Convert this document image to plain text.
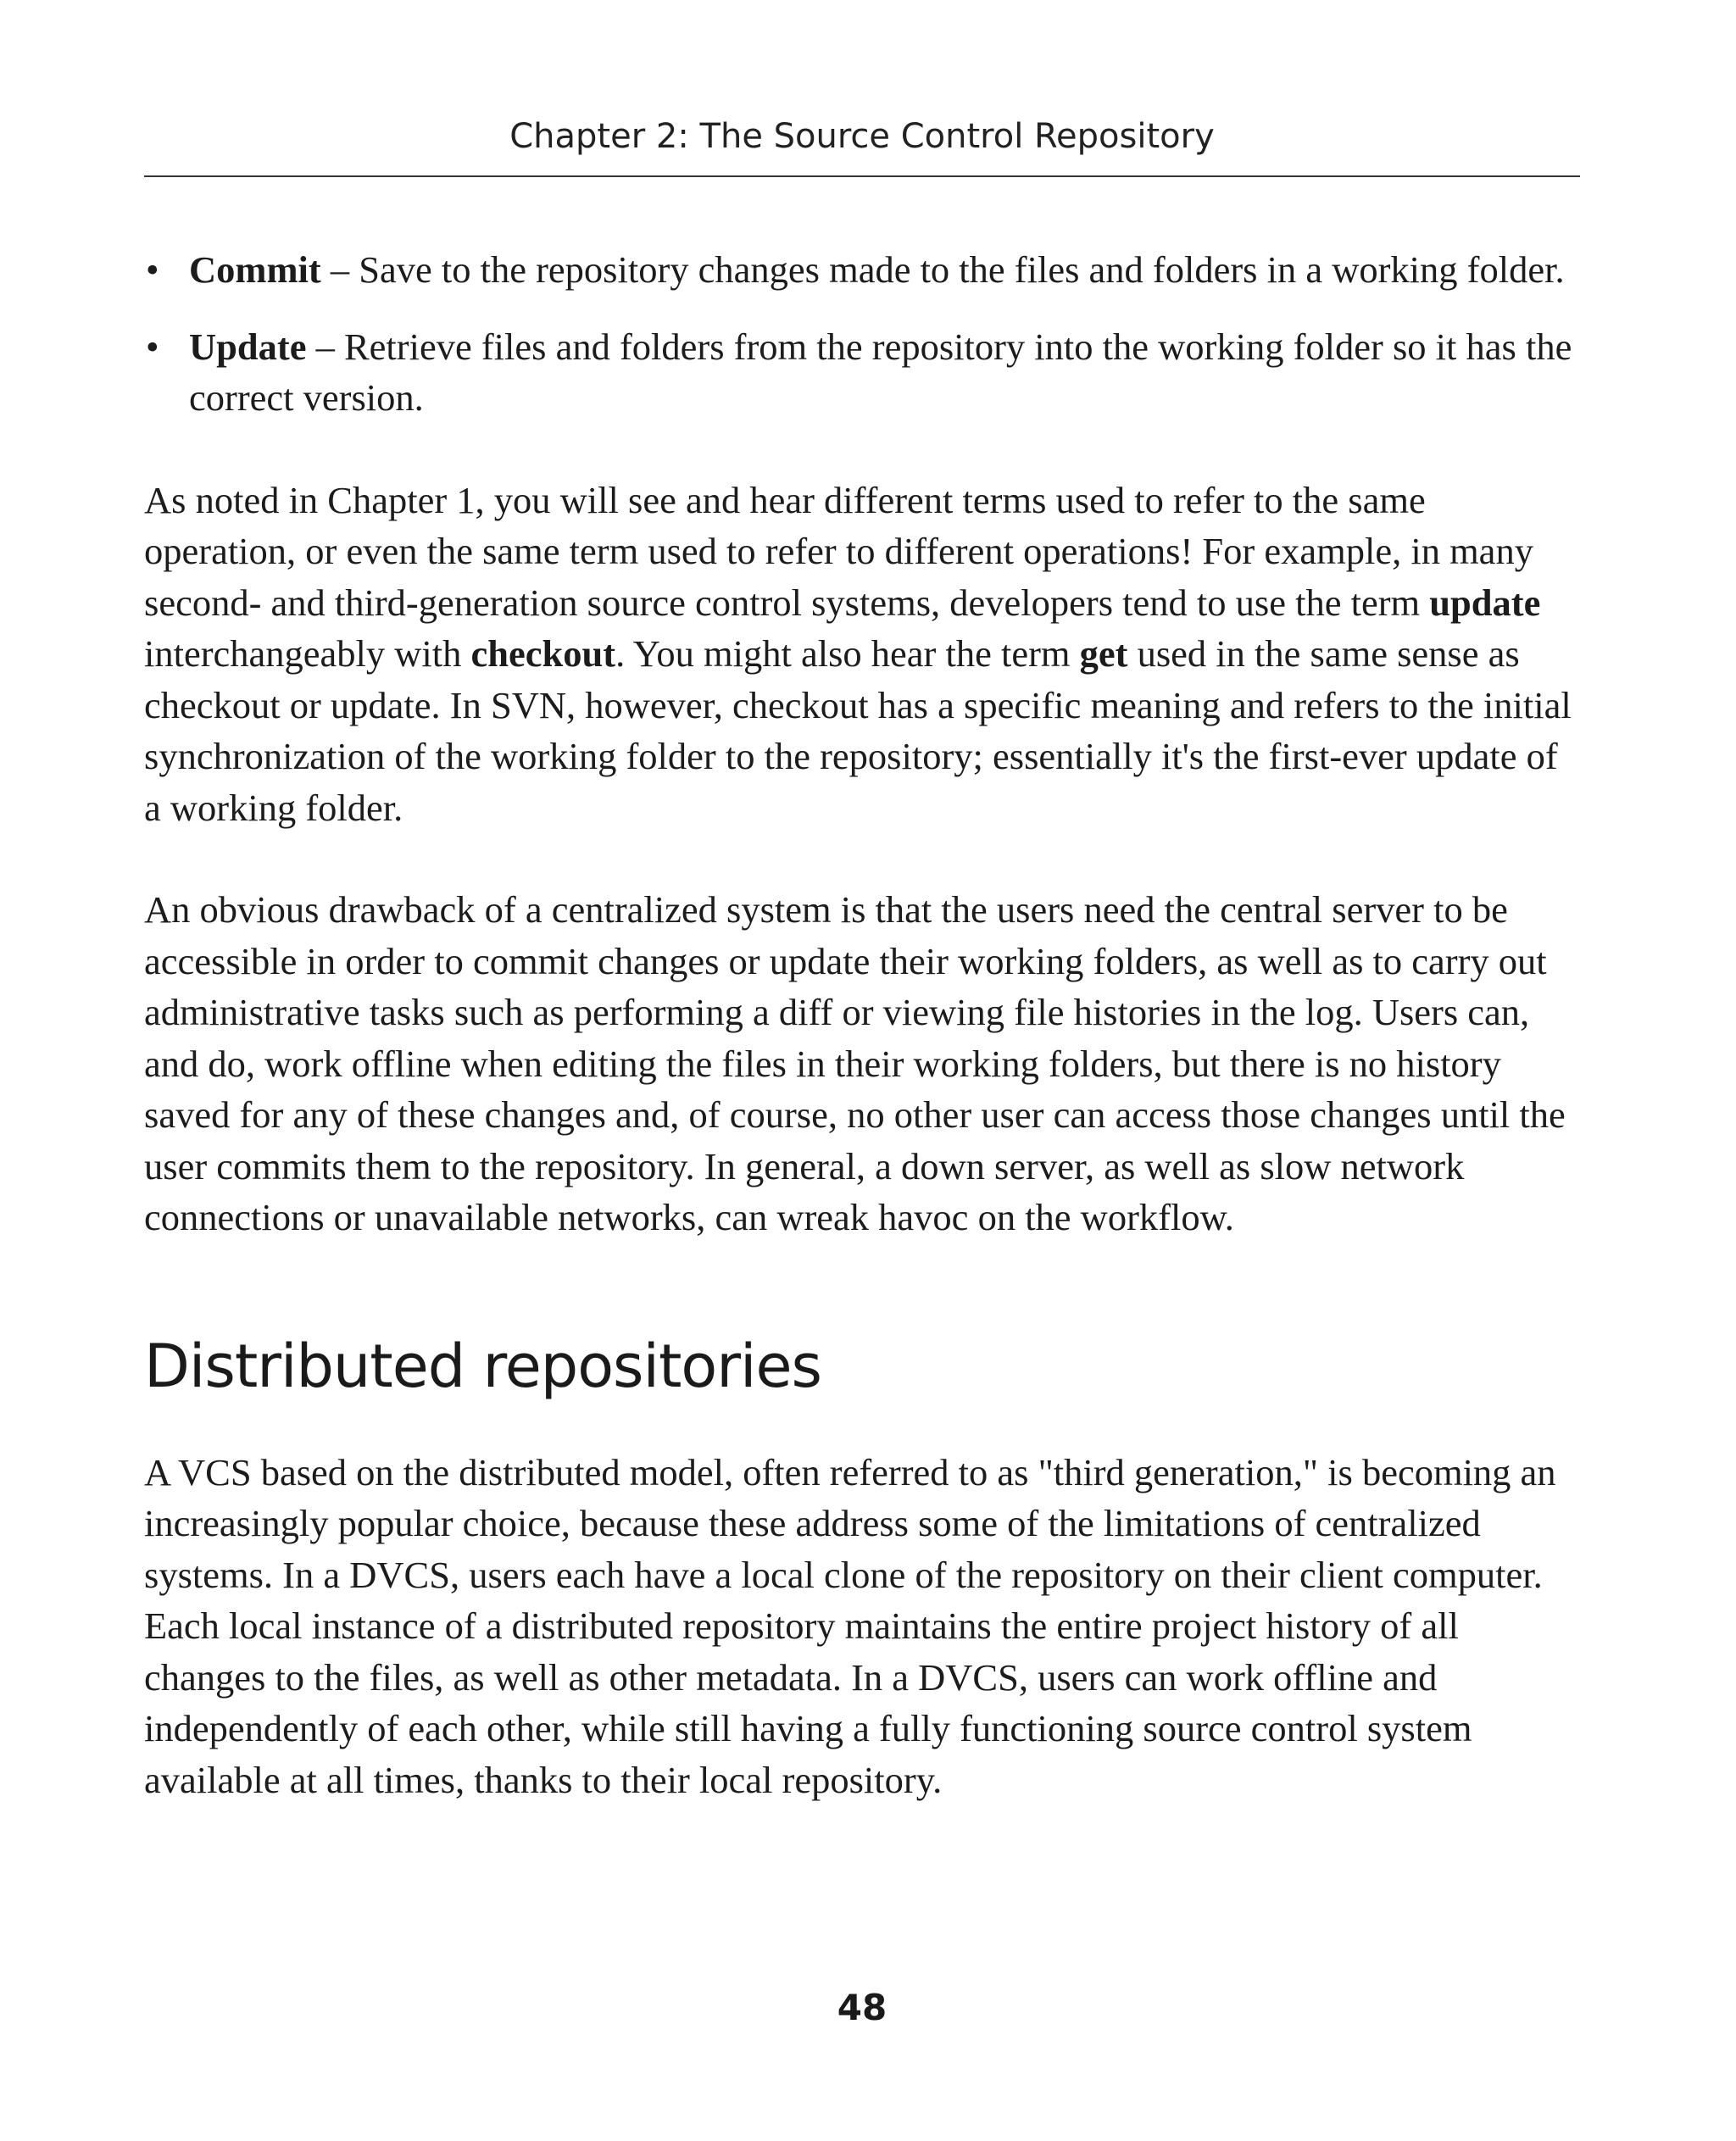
Chapter 2: The Source Control Repository
• Commit – Save to the repository changes made to the files and folders in a working folder.
• Update – Retrieve files and folders from the repository into the working folder so it has the correct version.

As noted in Chapter 1, you will see and hear different terms used to refer to the same operation, or even the same term used to refer to different operations! For example, in many second- and third-generation source control systems, developers tend to use the term update interchangeably with checkout. You might also hear the term get used in the same sense as checkout or update. In SVN, however, checkout has a specific meaning and refers to the initial synchronization of the working folder to the repository; essentially it's the first-ever update of a working folder.

An obvious drawback of a centralized system is that the users need the central server to be accessible in order to commit changes or update their working folders, as well as to carry out administrative tasks such as performing a diff or viewing file histories in the log. Users can, and do, work offline when editing the files in their working folders, but there is no history saved for any of these changes and, of course, no other user can access those changes until the user commits them to the repository. In general, a down server, as well as slow network connections or unavailable networks, can wreak havoc on the workflow.

Distributed repositories

A VCS based on the distributed model, often referred to as "third generation," is becoming an increasingly popular choice, because these address some of the limitations of centralized systems. In a DVCS, users each have a local clone of the repository on their client computer. Each local instance of a distributed repository maintains the entire project history of all changes to the files, as well as other metadata. In a DVCS, users can work offline and independently of each other, while still having a fully functioning source control system available at all times, thanks to their local repository.

48
